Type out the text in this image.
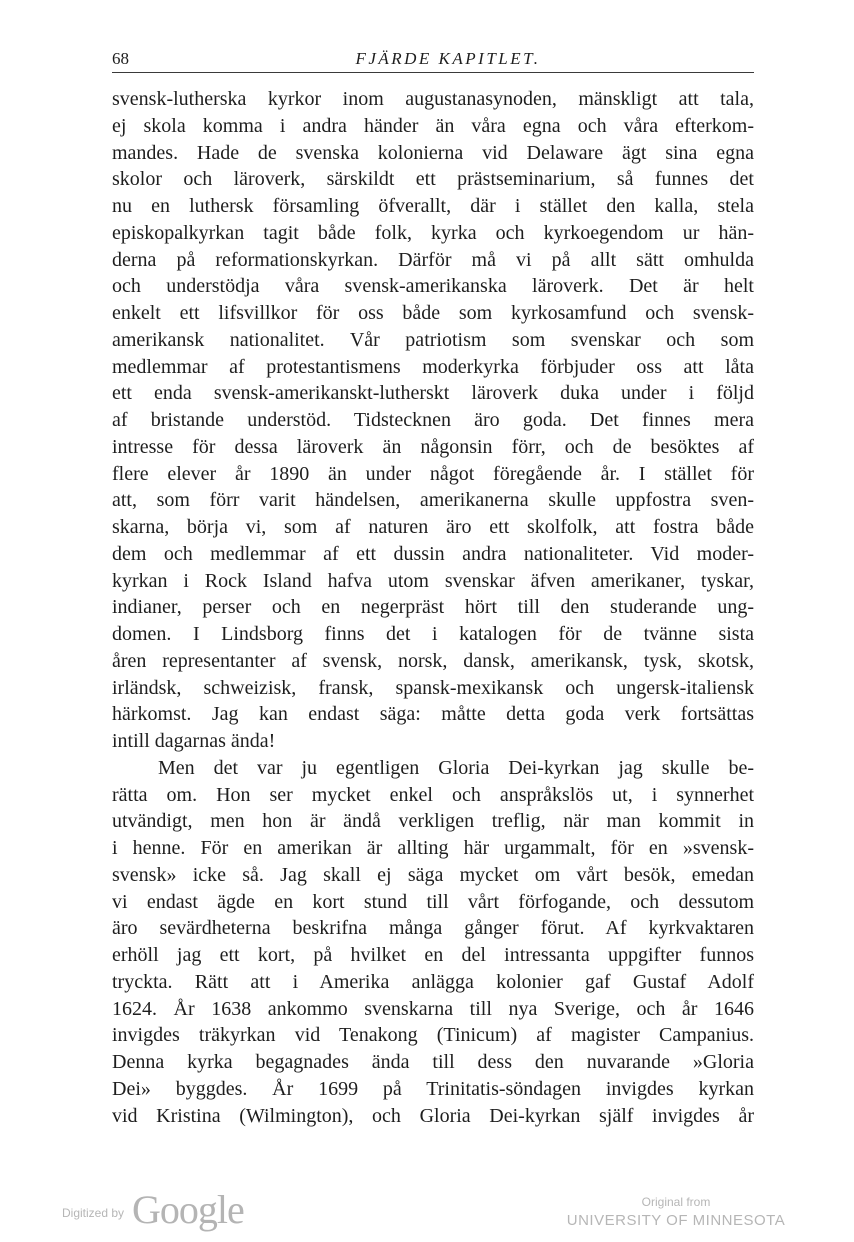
68	FJÄRDE KAPITLET.
svensk-lutherska kyrkor inom augustanasynoden, mänskligt att tala,
ej skola komma i andra händer än våra egna och våra efterkom-
mandes. Hade de svenska kolonierna vid Delaware ägt sina egna
skolor och läroverk, särskildt ett prästseminarium, så funnes det
nu en luthersk församling öfverallt, där i stället den kalla, stela
episkopalkyrkan tagit både folk, kyrka och kyrkoegendom ur hän-
derna på reformationskyrkan. Därför må vi på allt sätt omhulda
och understödja våra svensk-amerikanska läroverk. Det är helt
enkelt ett lifsvillkor för oss både som kyrkosamfund och svensk-
amerikansk nationalitet. Vår patriotism som svenskar och som
medlemmar af protestantismens moderkyrka förbjuder oss att låta
ett enda svensk-amerikanskt-lutherskt läroverk duka under i följd
af bristande understöd. Tidstecknen äro goda. Det finnes mera
intresse för dessa läroverk än någonsin förr, och de besöktes af
flere elever år 1890 än under något föregående år. I stället för
att, som förr varit händelsen, amerikanerna skulle uppfostra sven-
skarna, börja vi, som af naturen äro ett skolfolk, att fostra både
dem och medlemmar af ett dussin andra nationaliteter. Vid moder-
kyrkan i Rock Island hafva utom svenskar äfven amerikaner, tyskar,
indianer, perser och en negerpräst hört till den studerande ung-
domen. I Lindsborg finns det i katalogen för de tvänne sista
åren representanter af svensk, norsk, dansk, amerikansk, tysk, skotsk,
irländsk, schweizisk, fransk, spansk-mexikansk och ungersk-italiensk
härkomst. Jag kan endast säga: måtte detta goda verk fortsättas
intill dagarnas ända!
Men det var ju egentligen Gloria Dei-kyrkan jag skulle be-
rätta om. Hon ser mycket enkel och anspråkslös ut, i synnerhet
utvändigt, men hon är ändå verkligen treflig, när man kommit in
i henne. För en amerikan är allting här urgammalt, för en »svensk-
svensk» icke så. Jag skall ej säga mycket om vårt besök, emedan
vi endast ägde en kort stund till vårt förfogande, och dessutom
äro sevärdheterna beskrifna många gånger förut. Af kyrkvaktaren
erhöll jag ett kort, på hvilket en del intressanta uppgifter funnos
tryckta. Rätt att i Amerika anlägga kolonier gaf Gustaf Adolf
1624. År 1638 ankommo svenskarna till nya Sverige, och år 1646
invigdes träkyrkan vid Tenakong (Tinicum) af magister Campanius.
Denna kyrka begagnades ända till dess den nuvarande »Gloria
Dei» byggdes. År 1699 på Trinitatis-söndagen invigdes kyrkan
vid Kristina (Wilmington), och Gloria Dei-kyrkan själf invigdes år
Digitized by Google	Original from
UNIVERSITY OF MINNESOTA
